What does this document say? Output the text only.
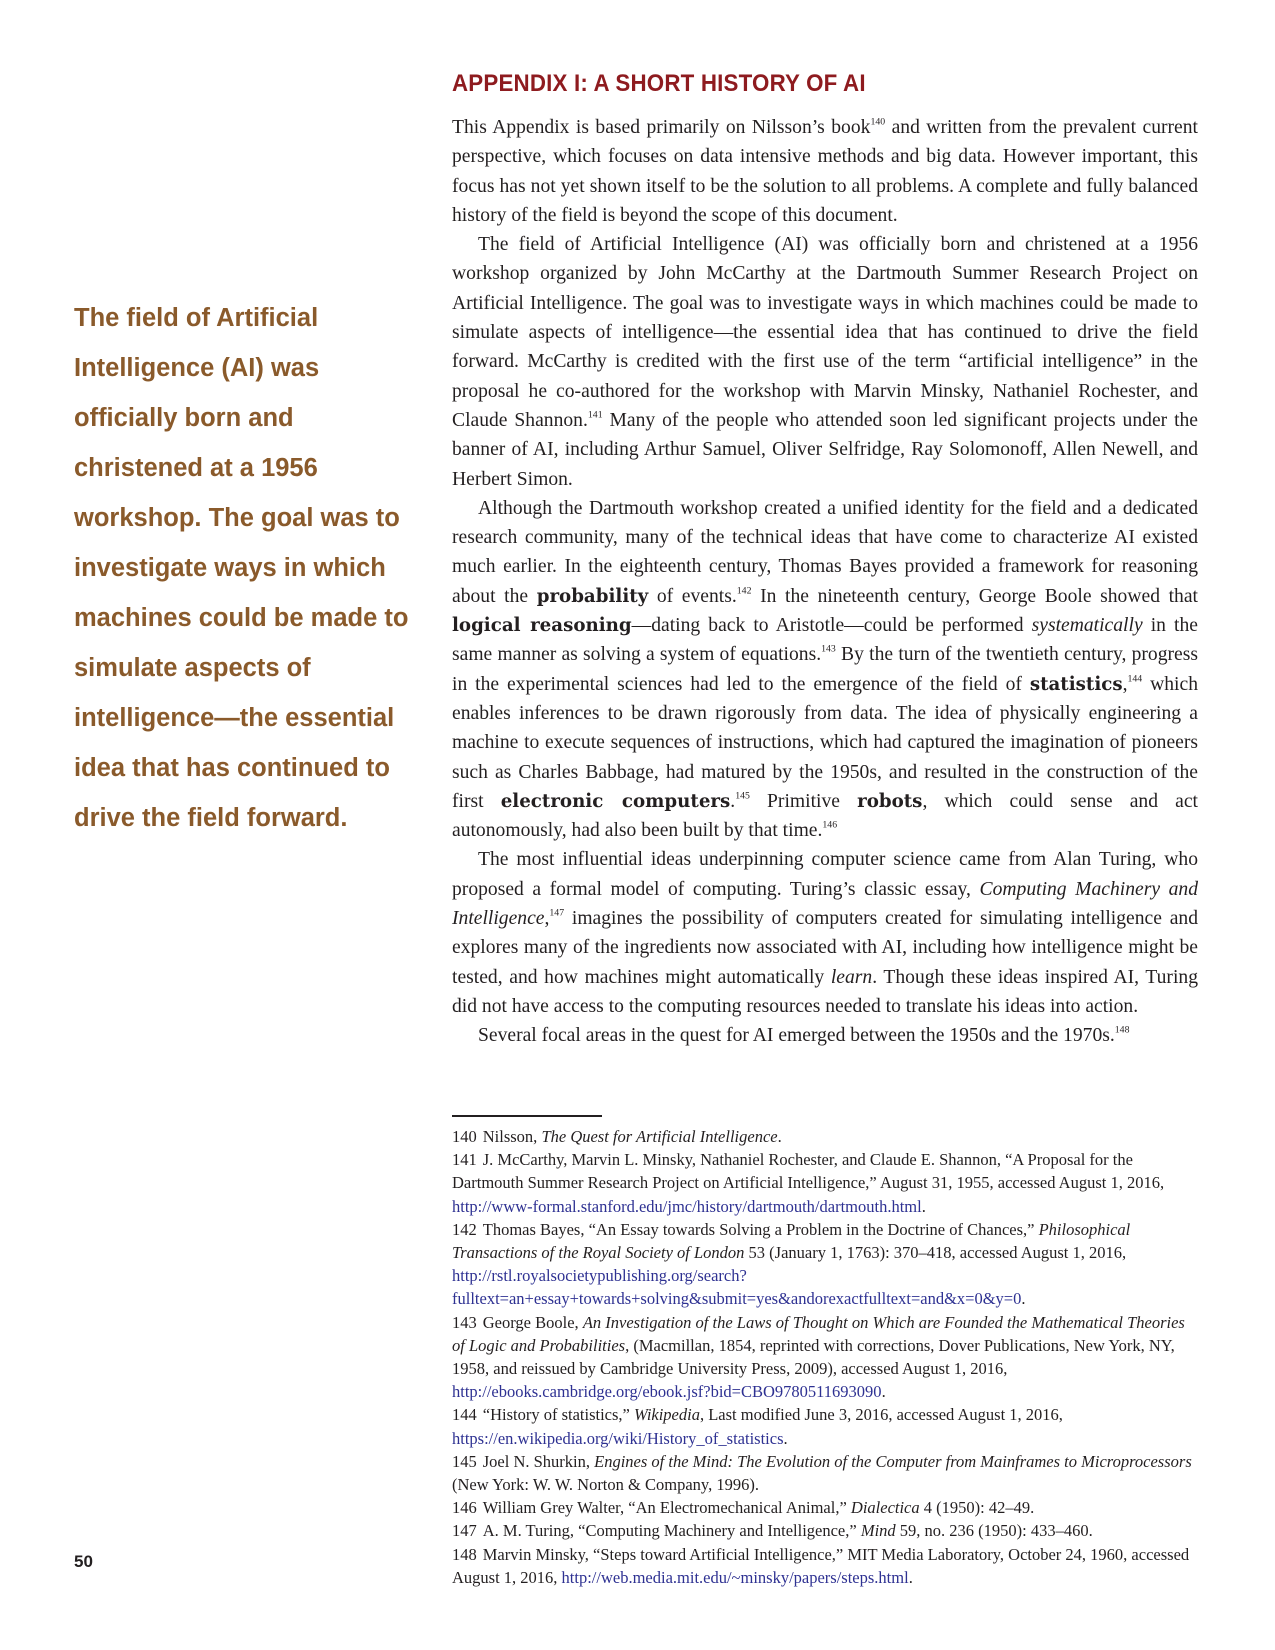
APPENDIX I: A SHORT HISTORY OF AI

The field of Artificial Intelligence (AI) was officially born and christened at a 1956 workshop. The goal was to investigate ways in which machines could be made to simulate aspects of intelligence—the essential idea that has continued to drive the field forward.

This Appendix is based primarily on Nilsson’s book$^{140}$ and written from the prevalent current perspective, which focuses on data intensive methods and big data. However important, this focus has not yet shown itself to be the solution to all problems. A complete and fully balanced history of the field is beyond the scope of this document.

The field of Artificial Intelligence (AI) was officially born and christened at a 1956 workshop organized by John McCarthy at the Dartmouth Summer Research Project on Artificial Intelligence. The goal was to investigate ways in which machines could be made to simulate aspects of intelligence—the essential idea that has continued to drive the field forward. McCarthy is credited with the first use of the term “artificial intelligence” in the proposal he co-authored for the workshop with Marvin Minsky, Nathaniel Rochester, and Claude Shannon.$^{141}$ Many of the people who attended soon led significant projects under the banner of AI, including Arthur Samuel, Oliver Selfridge, Ray Solomonoff, Allen Newell, and Herbert Simon.

Although the Dartmouth workshop created a unified identity for the field and a dedicated research community, many of the technical ideas that have come to characterize AI existed much earlier. In the eighteenth century, Thomas Bayes provided a framework for reasoning about the probability of events.$^{142}$ In the nineteenth century, George Boole showed that logical reasoning—dating back to Aristotle—could be performed systematically in the same manner as solving a system of equations.$^{143}$ By the turn of the twentieth century, progress in the experimental sciences had led to the emergence of the field of statistics,$^{144}$ which enables inferences to be drawn rigorously from data. The idea of physically engineering a machine to execute sequences of instructions, which had captured the imagination of pioneers such as Charles Babbage, had matured by the 1950s, and resulted in the construction of the first electronic computers.$^{145}$ Primitive robots, which could sense and act autonomously, had also been built by that time.$^{146}$

The most influential ideas underpinning computer science came from Alan Turing, who proposed a formal model of computing. Turing’s classic essay, Computing Machinery and Intelligence,$^{147}$ imagines the possibility of computers created for simulating intelligence and explores many of the ingredients now associated with AI, including how intelligence might be tested, and how machines might automatically learn. Though these ideas inspired AI, Turing did not have access to the computing resources needed to translate his ideas into action.

Several focal areas in the quest for AI emerged between the 1950s and the 1970s.$^{148}$

140 Nilsson, The Quest for Artificial Intelligence.
141 J. McCarthy, Marvin L. Minsky, Nathaniel Rochester, and Claude E. Shannon, “A Proposal for the Dartmouth Summer Research Project on Artificial Intelligence,” August 31, 1955, accessed August 1, 2016, http://www-formal.stanford.edu/jmc/history/dartmouth/dartmouth.html.
142 Thomas Bayes, “An Essay towards Solving a Problem in the Doctrine of Chances,” Philosophical Transactions of the Royal Society of London 53 (January 1, 1763): 370–418, accessed August 1, 2016, http://rstl.royalsocietypublishing.org/search?fulltext=an+essay+towards+solving&submit=yes&andorexactfulltext=and&x=0&y=0.
143 George Boole, An Investigation of the Laws of Thought on Which are Founded the Mathematical Theories of Logic and Probabilities, (Macmillan, 1854, reprinted with corrections, Dover Publications, New York, NY, 1958, and reissued by Cambridge University Press, 2009), accessed August 1, 2016, http://ebooks.cambridge.org/ebook.jsf?bid=CBO9780511693090.
144 “History of statistics,” Wikipedia, Last modified June 3, 2016, accessed August 1, 2016, https://en.wikipedia.org/wiki/History_of_statistics.
145 Joel N. Shurkin, Engines of the Mind: The Evolution of the Computer from Mainframes to Microprocessors (New York: W. W. Norton & Company, 1996).
146 William Grey Walter, “An Electromechanical Animal,” Dialectica 4 (1950): 42–49.
147 A. M. Turing, “Computing Machinery and Intelligence,” Mind 59, no. 236 (1950): 433–460.
148 Marvin Minsky, “Steps toward Artificial Intelligence,” MIT Media Laboratory, October 24, 1960, accessed August 1, 2016, http://web.media.mit.edu/~minsky/papers/steps.html.
50
